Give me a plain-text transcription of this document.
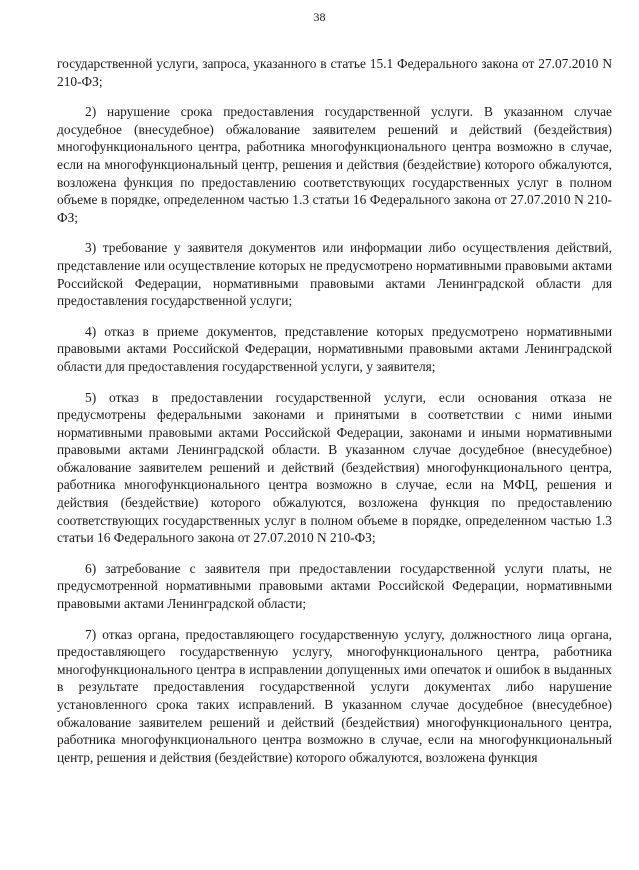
38

государственной услуги, запроса, указанного в статье 15.1 Федерального закона от 27.07.2010 N 210-ФЗ;

2) нарушение срока предоставления государственной услуги. В указанном случае досудебное (внесудебное) обжалование заявителем решений и действий (бездействия) многофункционального центра, работника многофункционального центра возможно в случае, если на многофункциональный центр, решения и действия (бездействие) которого обжалуются, возложена функция по предоставлению соответствующих государственных услуг в полном объеме в порядке, определенном частью 1.3 статьи 16 Федерального закона от 27.07.2010 N 210-ФЗ;

3) требование у заявителя документов или информации либо осуществления действий, представление или осуществление которых не предусмотрено нормативными правовыми актами Российской Федерации, нормативными правовыми актами Ленинградской области для предоставления государственной услуги;

4) отказ в приеме документов, представление которых предусмотрено нормативными правовыми актами Российской Федерации, нормативными правовыми актами Ленинградской области для предоставления государственной услуги, у заявителя;

5) отказ в предоставлении государственной услуги, если основания отказа не предусмотрены федеральными законами и принятыми в соответствии с ними иными нормативными правовыми актами Российской Федерации, законами и иными нормативными правовыми актами Ленинградской области. В указанном случае досудебное (внесудебное) обжалование заявителем решений и действий (бездействия) многофункционального центра, работника многофункционального центра возможно в случае, если на МФЦ, решения и действия (бездействие) которого обжалуются, возложена функция по предоставлению соответствующих государственных услуг в полном объеме в порядке, определенном частью 1.3 статьи 16 Федерального закона от 27.07.2010 N 210-ФЗ;

6) затребование с заявителя при предоставлении государственной услуги платы, не предусмотренной нормативными правовыми актами Российской Федерации, нормативными правовыми актами Ленинградской области;

7) отказ органа, предоставляющего государственную услугу, должностного лица органа, предоставляющего государственную услугу, многофункционального центра, работника многофункционального центра в исправлении допущенных ими опечаток и ошибок в выданных в результате предоставления государственной услуги документах либо нарушение установленного срока таких исправлений. В указанном случае досудебное (внесудебное) обжалование заявителем решений и действий (бездействия) многофункционального центра, работника многофункционального центра возможно в случае, если на многофункциональный центр, решения и действия (бездействие) которого обжалуются, возложена функция
